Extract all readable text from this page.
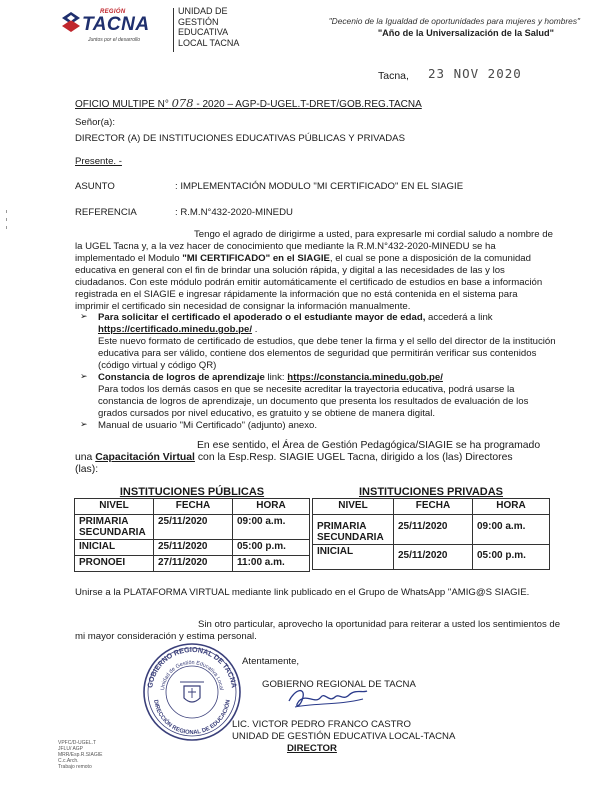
REGIÓN
TACNA
Juntos por el desarrollo
UNIDAD DE
GESTIÓN
EDUCATIVA
LOCAL TACNA
"Decenio de la Igualdad de oportunidades para mujeres y hombres"
"Año de la Universalización de la Salud"
Tacna, 23 NOV 2020
OFICIO MULTIPE N° 078 - 2020 – AGP-D-UGEL.T-DRET/GOB.REG.TACNA
Señor(a):
DIRECTOR (A) DE INSTITUCIONES EDUCATIVAS PÚBLICAS Y PRIVADAS
Presente. -
ASUNTO	: IMPLEMENTACIÓN MODULO "MI CERTIFICADO" EN EL SIAGIE
REFERENCIA	: R.M.N°432-2020-MINEDU
Tengo el agrado de dirigirme a usted, para expresarle mi cordial saludo a nombre de
la UGEL Tacna y, a la vez hacer de conocimiento que mediante la R.M.N°432-2020-MINEDU se ha
implementado el Modulo "MI CERTIFICADO" en el SIAGIE, el cual se pone a disposición de la comunidad
educativa en general con el fin de brindar una solución rápida, y digital a las necesidades de las y los
ciudadanos. Con este módulo podrán emitir automáticamente el certificado de estudios en base a información
registrada en el SIAGIE e ingresar rápidamente la información que no está contenida en el sistema para
imprimir el certificado sin necesidad de consignar la información manualmente.
➢ Para solicitar el certificado el apoderado o el estudiante mayor de edad, accederá a link
https://certificado.minedu.gob.pe/ .
Este nuevo formato de certificado de estudios, que debe tener la firma y el sello del director de la institución
educativa para ser válido, contiene dos elementos de seguridad que permitirán verificar sus contenidos
(código virtual y código QR)
➢ Constancia de logros de aprendizaje link: https://constancia.minedu.gob.pe/
Para todos los demás casos en que se necesite acreditar la trayectoria educativa, podrá usarse la
constancia de logros de aprendizaje, un documento que presenta los resultados de evaluación de los
grados cursados por nivel educativo, es gratuito y se obtiene de manera digital.
➢ Manual de usuario "Mi Certificado" (adjunto) anexo.
En ese sentido, el Área de Gestión Pedagógica/SIAGIE se ha programado
una Capacitación Virtual con la Esp.Resp. SIAGIE UGEL Tacna, dirigido a los (las) Directores
(las):
INSTITUCIONES PÚBLICAS	INSTITUCIONES PRIVADAS
NIVEL	FECHA	HORA

PRIMARIA
SECUNDARIA	25/11/2020	09:00 a.m.
INICIAL	25/11/2020	05:00 p.m.
PRONOEI	27/11/2020	11:00 a.m.
NIVEL	FECHA	HORA

PRIMARIA
SECUNDARIA	25/11/2020	09:00 a.m.
INICIAL	25/11/2020	05:00 p.m.
Unirse a la PLATAFORMA VIRTUAL mediante link publicado en el Grupo de WhatsApp "AMIG@S SIAGIE.
Sin otro particular, aprovecho la oportunidad para reiterar a usted los sentimientos de
mi mayor consideración y estima personal.
Atentamente,
GOBIERNO REGIONAL DE TACNA
GOBIERNO REGIONAL DE TACNA
Unidad de Gestión Educativa Local
DIRECCIÓN REGIONAL DE EDUCACIÓN
LIC. VICTOR PEDRO FRANCO CASTRO
UNIDAD DE GESTIÓN EDUCATIVA LOCAL-TACNA
DIRECTOR
VPFC/D-UGEL.T
JFLU/ AGP
MRR/Esp.R.SIAGIE
C.c.Arch.
Trabajo remoto
